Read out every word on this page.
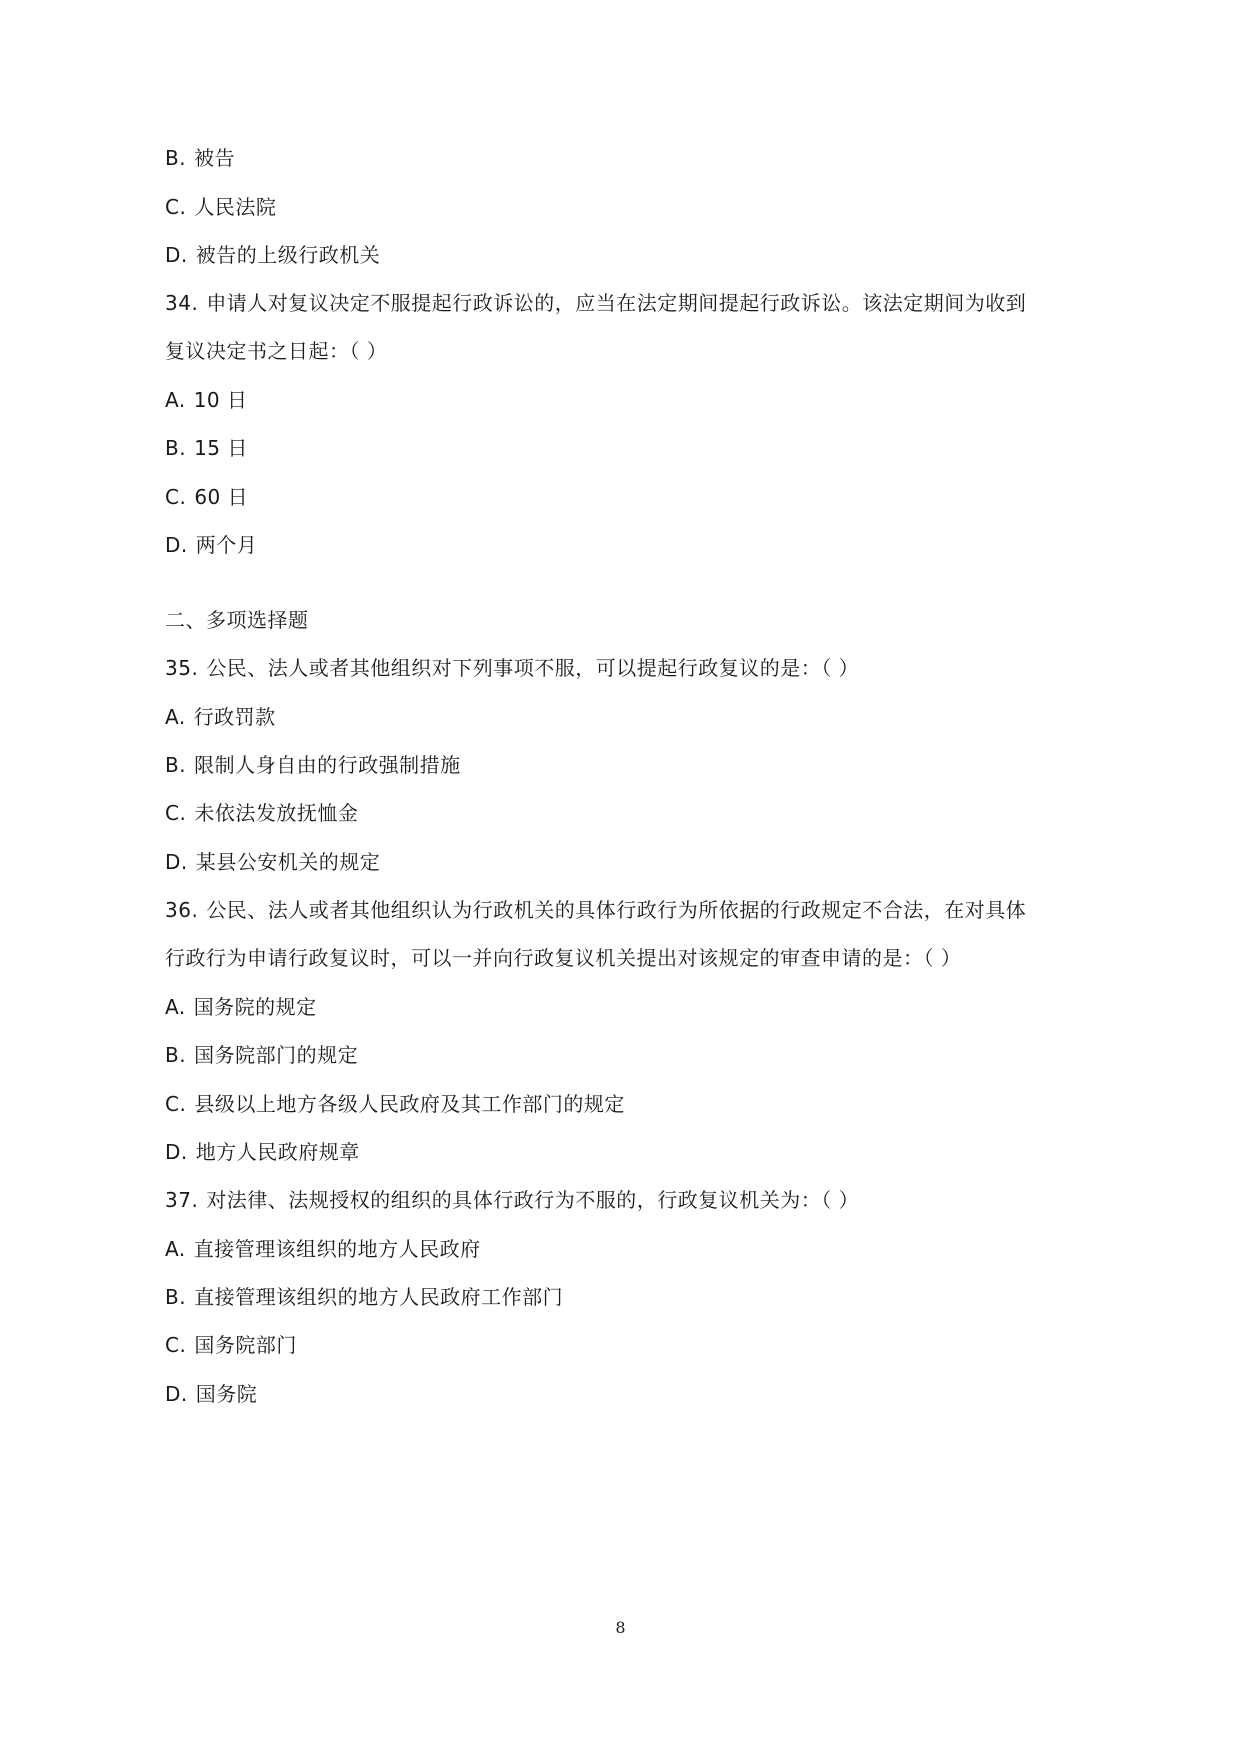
B. 被告
C. 人民法院
D. 被告的上级行政机关
34. 申请人对复议决定不服提起行政诉讼的，应当在法定期间提起行政诉讼。该法定期间为收到
复议决定书之日起：（ ）
A. 10 日
B. 15 日
C. 60 日
D. 两个月
二、多项选择题
35. 公民、法人或者其他组织对下列事项不服，可以提起行政复议的是：（ ）
A. 行政罚款
B. 限制人身自由的行政强制措施
C. 未依法发放抚恤金
D. 某县公安机关的规定
36. 公民、法人或者其他组织认为行政机关的具体行政行为所依据的行政规定不合法，在对具体
行政行为申请行政复议时，可以一并向行政复议机关提出对该规定的审查申请的是：（ ）
A. 国务院的规定
B. 国务院部门的规定
C. 县级以上地方各级人民政府及其工作部门的规定
D. 地方人民政府规章
37. 对法律、法规授权的组织的具体行政行为不服的，行政复议机关为：（ ）
A. 直接管理该组织的地方人民政府
B. 直接管理该组织的地方人民政府工作部门
C. 国务院部门
D. 国务院
8
